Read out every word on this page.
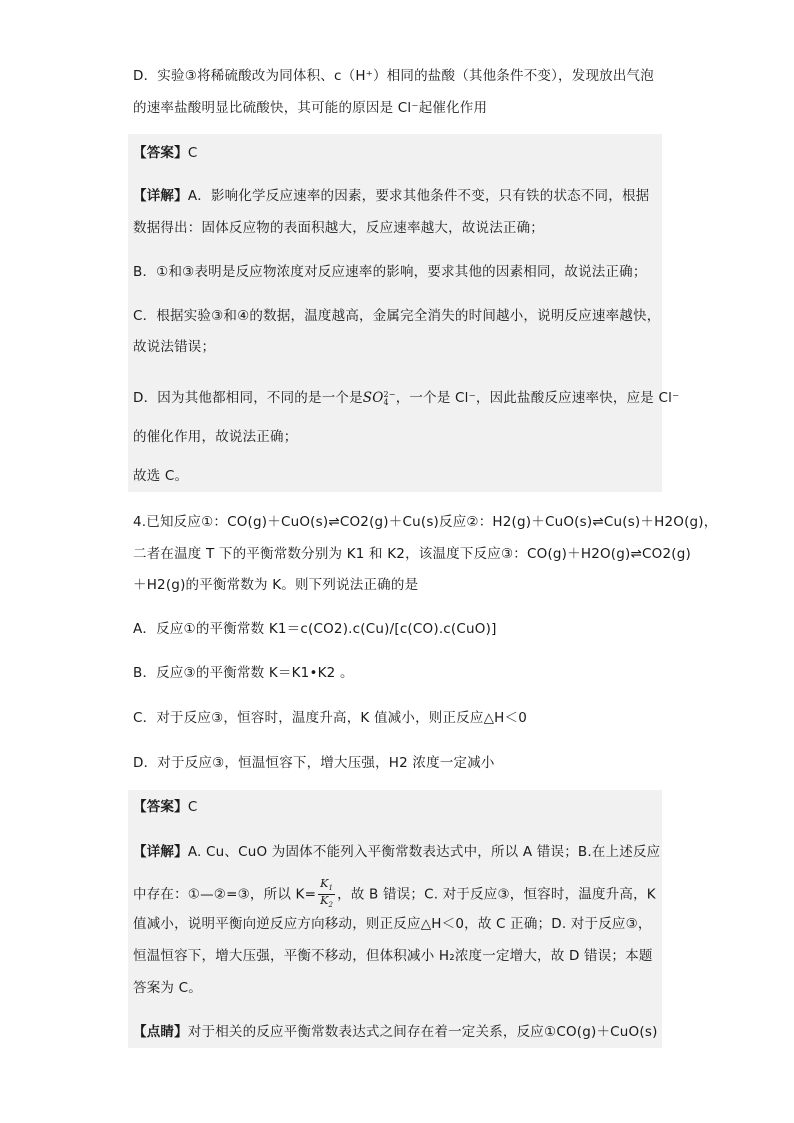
D．实验③将稀硫酸改为同体积、c（H⁺）相同的盐酸（其他条件不变），发现放出气泡
的速率盐酸明显比硫酸快，其可能的原因是 Cl⁻起催化作用
【答案】C
【详解】A．影响化学反应速率的因素，要求其他条件不变，只有铁的状态不同，根据
数据得出：固体反应物的表面积越大，反应速率越大，故说法正确；
B．①和③表明是反应物浓度对反应速率的影响，要求其他的因素相同，故说法正确；
C．根据实验③和④的数据，温度越高，金属完全消失的时间越小，说明反应速率越快，
故说法错误；
D．因为其他都相同，不同的是一个是SO 2−
4 ，一个是 Cl⁻，因此盐酸反应速率快，应是 Cl⁻
的催化作用，故说法正确；
故选 C。
4.已知反应①：CO(g)＋CuO(s)⇌CO2(g)＋Cu(s)反应②：H2(g)＋CuO(s)⇌Cu(s)＋H2O(g)，
二者在温度 T 下的平衡常数分别为 K1 和 K2，该温度下反应③：CO(g)＋H2O(g)⇌CO2(g)
＋H2(g)的平衡常数为 K。则下列说法正确的是
A．反应①的平衡常数 K1＝c(CO2).c(Cu)/[c(CO).c(CuO)]
B．反应③的平衡常数 K＝K1•K2 。
C．对于反应③，恒容时，温度升高，K 值减小，则正反应△H＜0
D．对于反应③，恒温恒容下，增大压强，H2 浓度一定减小
【答案】C
【详解】A. Cu、CuO 为固体不能列入平衡常数表达式中，所以 A 错误；B.在上述反应
中存在：①—②=③，所以 $K= \frac{K_1}{K_2}$ ，故 B 错误；C. 对于反应③，恒容时，温度升高，K
值减小，说明平衡向逆反应方向移动，则正反应△H＜0，故 C 正确；D. 对于反应③，
恒温恒容下，增大压强，平衡不移动，但体积减小 H₂浓度一定增大，故 D 错误；本题
答案为 C。
【点睛】对于相关的反应平衡常数表达式之间存在着一定关系，反应①CO(g)＋CuO(s)
